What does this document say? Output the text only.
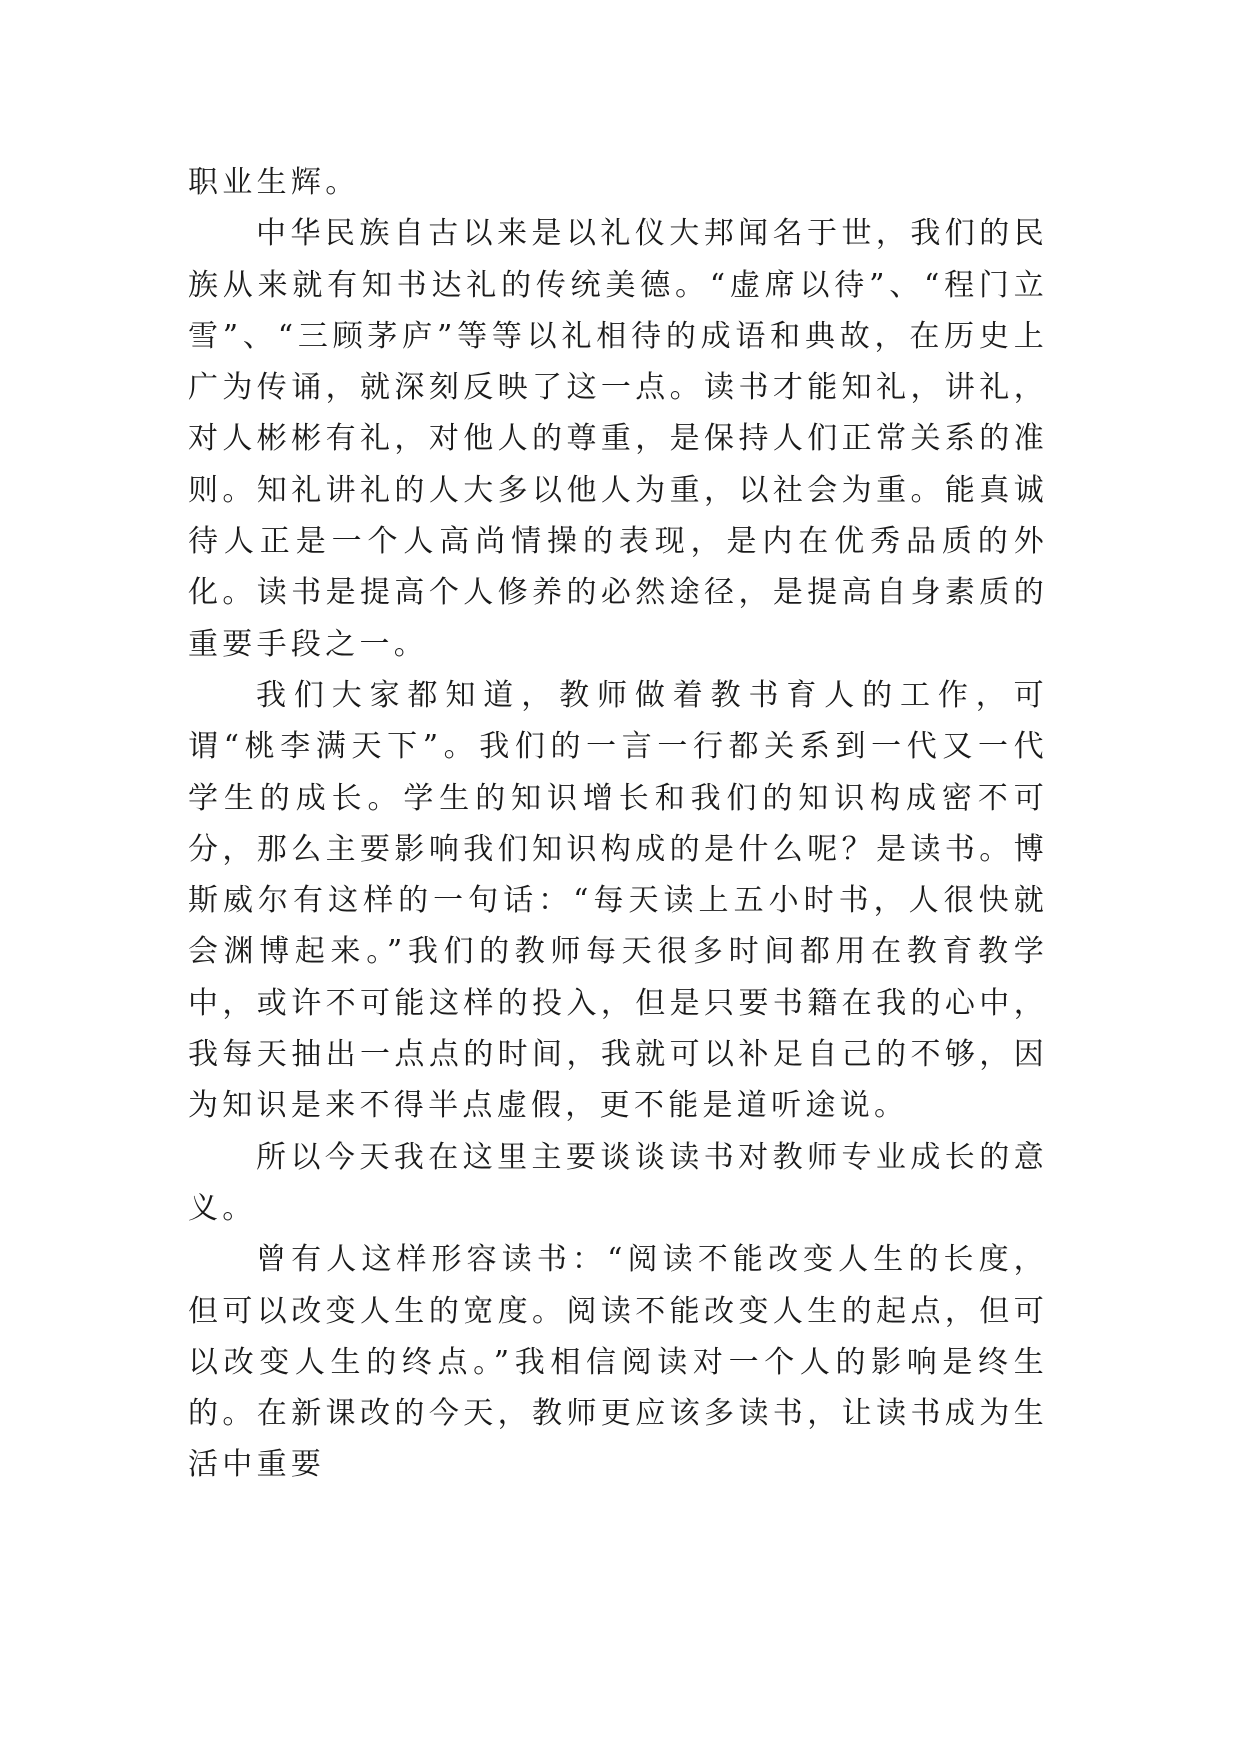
职业生辉。

中华民族自古以来是以礼仪大邦闻名于世，我们的民族从来就有知书达礼的传统美德。“虚席以待”、“程门立雪”、“三顾茅庐”等等以礼相待的成语和典故，在历史上广为传诵，就深刻反映了这一点。读书才能知礼，讲礼，对人彬彬有礼，对他人的尊重，是保持人们正常关系的准则。知礼讲礼的人大多以他人为重，以社会为重。能真诚待人正是一个人高尚情操的表现，是内在优秀品质的外化。读书是提高个人修养的必然途径，是提高自身素质的重要手段之一。

我们大家都知道，教师做着教书育人的工作，可谓“桃李满天下”。我们的一言一行都关系到一代又一代学生的成长。学生的知识增长和我们的知识构成密不可分，那么主要影响我们知识构成的是什么呢？是读书。博斯威尔有这样的一句话：“每天读上五小时书，人很快就会渊博起来。”我们的教师每天很多时间都用在教育教学中，或许不可能这样的投入，但是只要书籍在我的心中，我每天抽出一点点的时间，我就可以补足自己的不够，因为知识是来不得半点虚假，更不能是道听途说。

所以今天我在这里主要谈谈读书对教师专业成长的意义。

曾有人这样形容读书：“阅读不能改变人生的长度，但可以改变人生的宽度。阅读不能改变人生的起点，但可以改变人生的终点。”我相信阅读对一个人的影响是终生的。在新课改的今天，教师更应该多读书，让读书成为生活中重要
